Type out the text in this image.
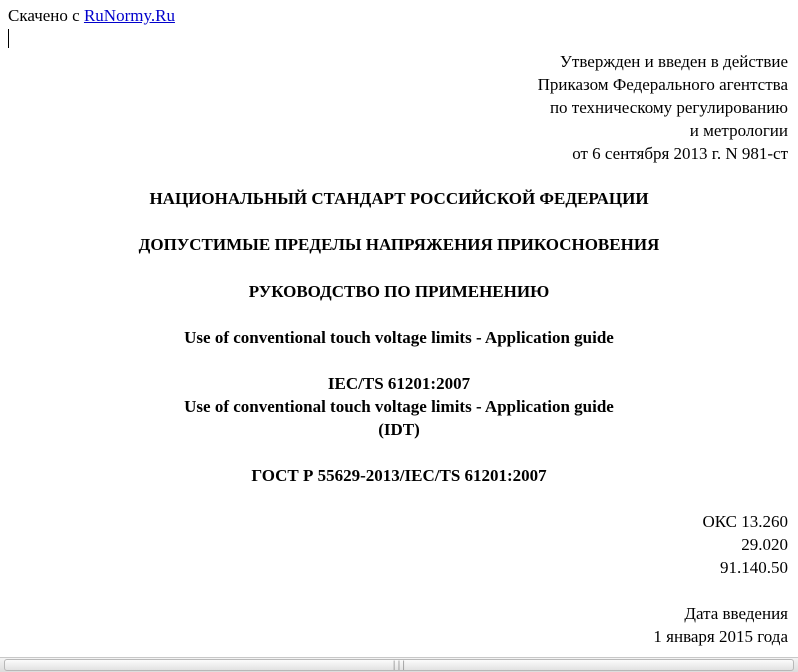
Скачено с RuNormy.Ru
Утвержден и введен в действие
Приказом Федерального агентства
по техническому регулированию
и метрологии
от 6 сентября 2013 г. N 981-ст
НАЦИОНАЛЬНЫЙ СТАНДАРТ РОССИЙСКОЙ ФЕДЕРАЦИИ
ДОПУСТИМЫЕ ПРЕДЕЛЫ НАПРЯЖЕНИЯ ПРИКОСНОВЕНИЯ
РУКОВОДСТВО ПО ПРИМЕНЕНИЮ
Use of conventional touch voltage limits - Application guide
IEC/TS 61201:2007
Use of conventional touch voltage limits - Application guide
(IDT)
ГОСТ Р 55629-2013/IEC/TS 61201:2007
ОКС 13.260
29.020
91.140.50
Дата введения
1 января 2015 года
│││
